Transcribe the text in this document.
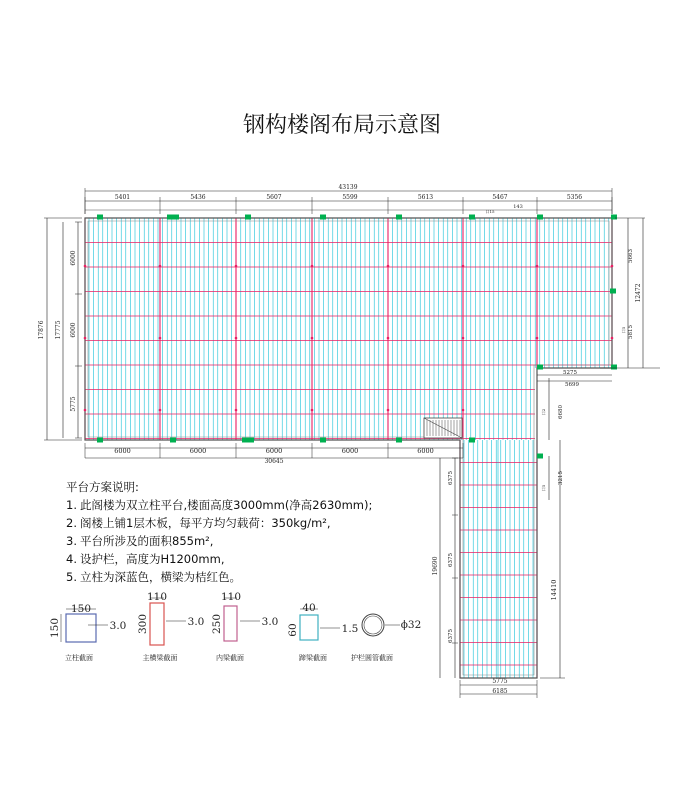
钢构楼阁布局示意图
43139
5401	5436	5607	5599	5613	5467	5356
143
口15
6000	6000	6000	6000	6000
30645
17876 17775
6000
6000
5775
5663
5815
口5
12472
5275
5699
6680
口2
3215
口5
14410
19690
6375
6375
6375
5775
6185
150
150	3.0
立柱截面
110
300	3.0
主横梁截面
110
250	3.0
内梁截面
40
60	1.5
蹄梁截面
ϕ32
护栏圆管截面
平台方案说明:
1. 此阁楼为双立柱平台,楼面高度3000mm(净高2630mm);
2. 阁楼上铺1层木板，每平方均匀载荷：350kg/m²,
3. 平台所涉及的面积855m²,
4. 设护栏，高度为H1200mm,
5. 立柱为深蓝色，横梁为桔红色。
